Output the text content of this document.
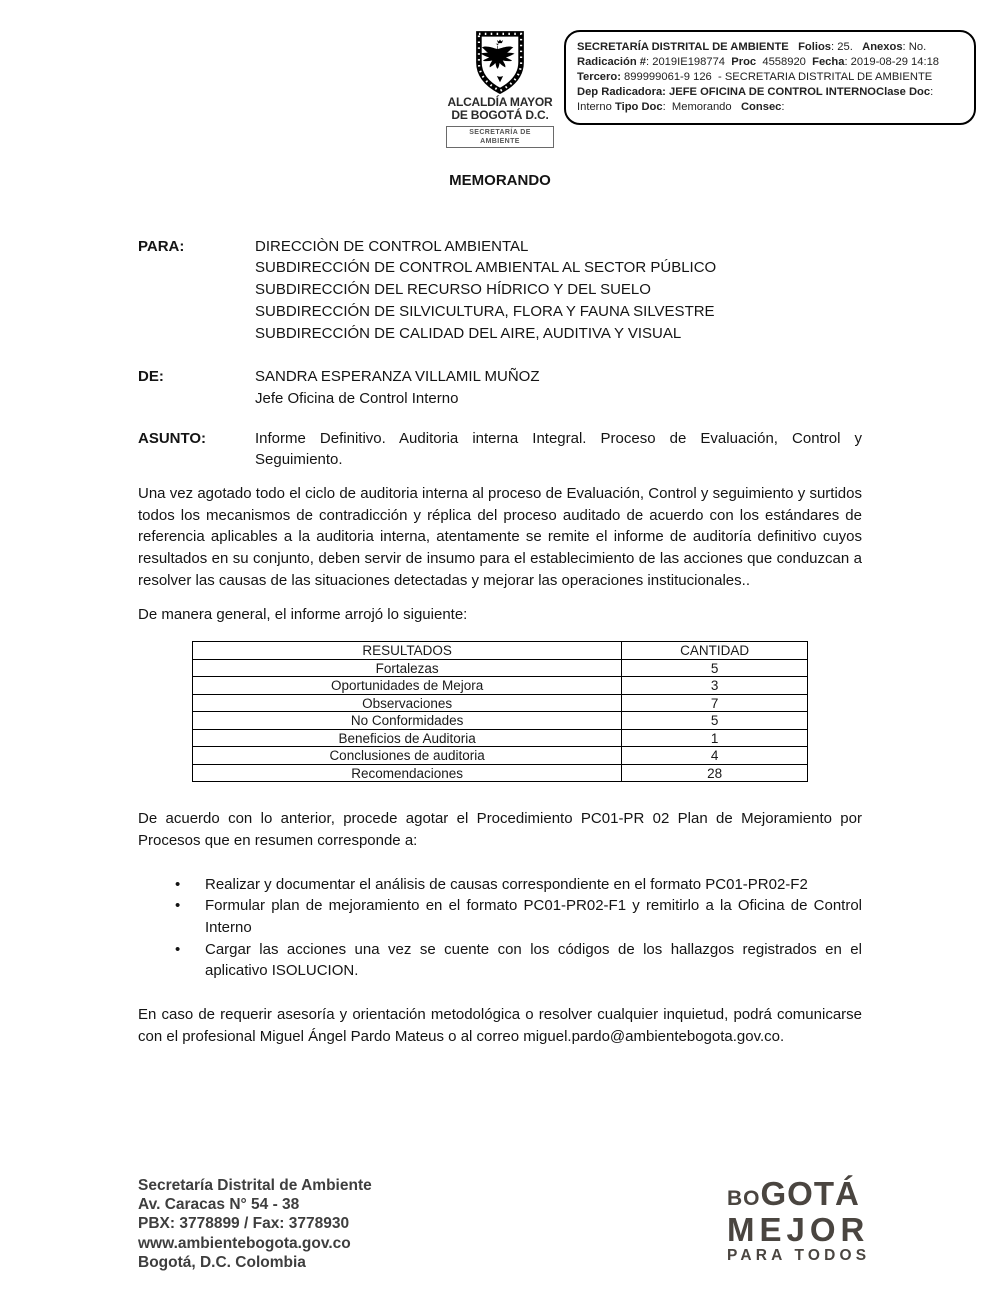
ALCALDÍA MAYOR
DE BOGOTÁ D.C.
SECRETARÍA DE AMBIENTE
SECRETARÍA DISTRITAL DE AMBIENTE Folios: 25.   Anexos: No.
Radicación #: 2019IE198774  Proc  4558920  Fecha: 2019-08-29 14:18
Tercero: 899999061-9 126  - SECRETARIA DISTRITAL DE AMBIENTE
Dep Radicadora: JEFE OFICINA DE CONTROL INTERNOClase Doc:
Interno Tipo Doc:  Memorando   Consec:
MEMORANDO
PARA:	DIRECCIÒN DE CONTROL AMBIENTAL
SUBDIRECCIÓN DE CONTROL AMBIENTAL AL SECTOR PÚBLICO
SUBDIRECCIÓN DEL RECURSO HÍDRICO Y DEL SUELO
SUBDIRECCIÓN DE SILVICULTURA, FLORA Y FAUNA SILVESTRE
SUBDIRECCIÓN DE CALIDAD DEL AIRE, AUDITIVA Y VISUAL
DE:	SANDRA ESPERANZA VILLAMIL MUÑOZ
Jefe Oficina de Control Interno
ASUNTO:	Informe Definitivo. Auditoria interna Integral. Proceso de Evaluación, Control y Seguimiento.

Una vez agotado todo el ciclo de auditoria interna al proceso de Evaluación, Control y seguimiento y surtidos todos los mecanismos de contradicción y réplica del proceso auditado de acuerdo con los estándares de referencia aplicables a la auditoria interna, atentamente se remite el informe de auditoría definitivo cuyos resultados en su conjunto, deben servir de insumo para el establecimiento de las acciones que conduzcan a resolver las causas de las situaciones detectadas y mejorar las operaciones institucionales..

De manera general, el informe arrojó lo siguiente:

RESULTADOS	CANTIDAD
Fortalezas	5
Oportunidades de Mejora	3
Observaciones	7
No Conformidades	5
Beneficios de Auditoria	1
Conclusiones de auditoria	4
Recomendaciones	28

De acuerdo con lo anterior, procede agotar el Procedimiento PC01-PR 02 Plan de Mejoramiento por Procesos que en resumen corresponde a:

•
Realizar y documentar el análisis de causas correspondiente en el formato PC01-PR02-F2
•
Formular plan de mejoramiento en el formato PC01-PR02-F1 y remitirlo a la Oficina de Control Interno
•
Cargar las acciones una vez se cuente con los códigos de los hallazgos registrados en el aplicativo ISOLUCION.

En caso de requerir asesoría y orientación metodológica o resolver cualquier inquietud, podrá comunicarse con el profesional Miguel Ángel Pardo Mateus o al correo miguel.pardo@ambientebogota.gov.co.

Secretaría Distrital de Ambiente
Av. Caracas N° 54 - 38
PBX: 3778899 / Fax: 3778930
www.ambientebogota.gov.co
Bogotá, D.C. Colombia
BOGOTÁ
MEJOR
PARA TODOS
